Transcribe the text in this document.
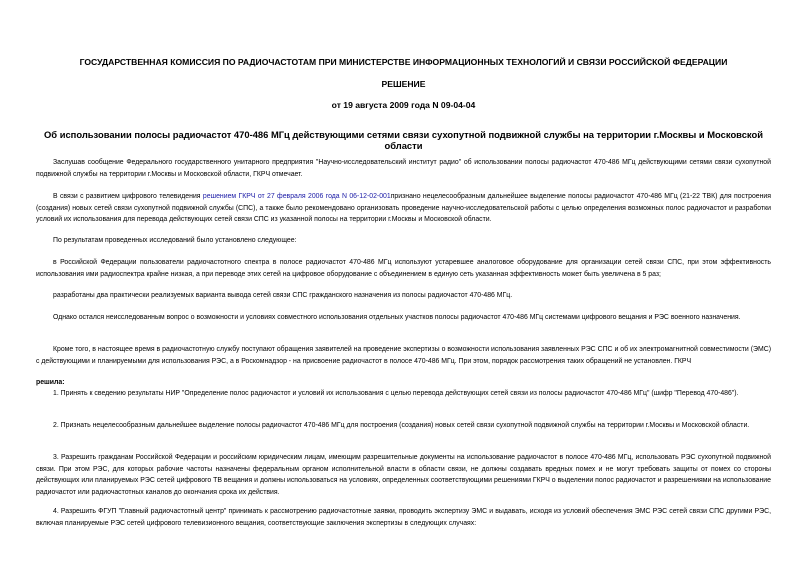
ГОСУДАРСТВЕННАЯ КОМИССИЯ ПО РАДИОЧАСТОТАМ ПРИ МИНИСТЕРСТВЕ ИНФОРМАЦИОННЫХ ТЕХНОЛОГИЙ И СВЯЗИ РОССИЙСКОЙ ФЕДЕРАЦИИ
РЕШЕНИЕ
от 19 августа 2009 года N 09-04-04
Об использовании полосы радиочастот 470-486 МГц действующими сетями связи сухопутной подвижной службы на территории г.Москвы и Московской области

Заслушав сообщение Федерального государственного унитарного предприятия "Научно-исследовательский институт радио" об использовании полосы радиочастот 470-486 МГц действующими сетями связи сухопутной подвижной службы на территории г.Москвы и Московской области, ГКРЧ отмечает.

В связи с развитием цифрового телевидения решением ГКРЧ от 27 февраля 2006 года N 06-12-02-001признано нецелесообразным дальнейшее выделение полосы радиочастот 470-486 МГц (21-22 ТВК) для построения (создания) новых сетей связи сухопутной подвижной службы (СПС), а также было рекомендовано организовать проведение научно-исследовательской работы с целью определения возможных полос радиочастот и разработки условий их использования для перевода действующих сетей связи СПС из указанной полосы на территории г.Москвы и Московской области.

По результатам проведенных исследований было установлено следующее:

в Российской Федерации пользователи радиочастотного спектра в полосе радиочастот 470-486 МГц используют устаревшее аналоговое оборудование для организации сетей связи СПС, при этом эффективность использования ими радиоспектра крайне низкая, а при переводе этих сетей на цифровое оборудование с объединением в единую сеть указанная эффективность может быть увеличена в 5 раз;

разработаны два практически реализуемых варианта вывода сетей связи СПС гражданского назначения из полосы радиочастот 470-486 МГц.

Однако остался неисследованным вопрос о возможности и условиях совместного использования отдельных участков полосы радиочастот 470-486 МГц системами цифрового вещания и РЭС военного назначения.

Кроме того, в настоящее время в радиочастотную службу поступают обращения заявителей на проведение экспертизы о возможности использования заявленных РЭС СПС и об их электромагнитной совместимости (ЭМС) с действующими и планируемыми для использования РЭС, а в Роскомнадзор - на присвоение радиочастот в полосе 470-486 МГц. При этом, порядок рассмотрения таких обращений не установлен. ГКРЧ

решила:

1. Принять к сведению результаты НИР "Определение полос радиочастот и условий их использования с целью перевода действующих сетей связи из полосы радиочастот 470-486 МГц" (шифр "Перевод 470-486").

2. Признать нецелесообразным дальнейшее выделение полосы радиочастот 470-486 МГц для построения (создания) новых сетей связи сухопутной подвижной службы на территории г.Москвы и Московской области.

3. Разрешить гражданам Российской Федерации и российским юридическим лицам, имеющим разрешительные документы на использование радиочастот в полосе 470-486 МГц, использовать РЭС сухопутной подвижной связи. При этом РЭС, для которых рабочие частоты назначены федеральным органом исполнительной власти в области связи, не должны создавать вредных помех и не могут требовать защиты от помех со стороны действующих или планируемых РЭС сетей цифрового ТВ вещания и должны использоваться на условиях, определенных соответствующими решениями ГКРЧ о выделении полос радиочастот и разрешениями на использование радиочастот или радиочастотных каналов до окончания срока их действия.

4. Разрешить ФГУП "Главный радиочастотный центр" принимать к рассмотрению радиочастотные заявки, проводить экспертизу ЭМС и выдавать, исходя из условий обеспечения ЭМС РЭС сетей связи СПС другими РЭС, включая планируемые РЭС сетей цифрового телевизионного вещания, соответствующие заключения экспертизы в следующих случаях:
